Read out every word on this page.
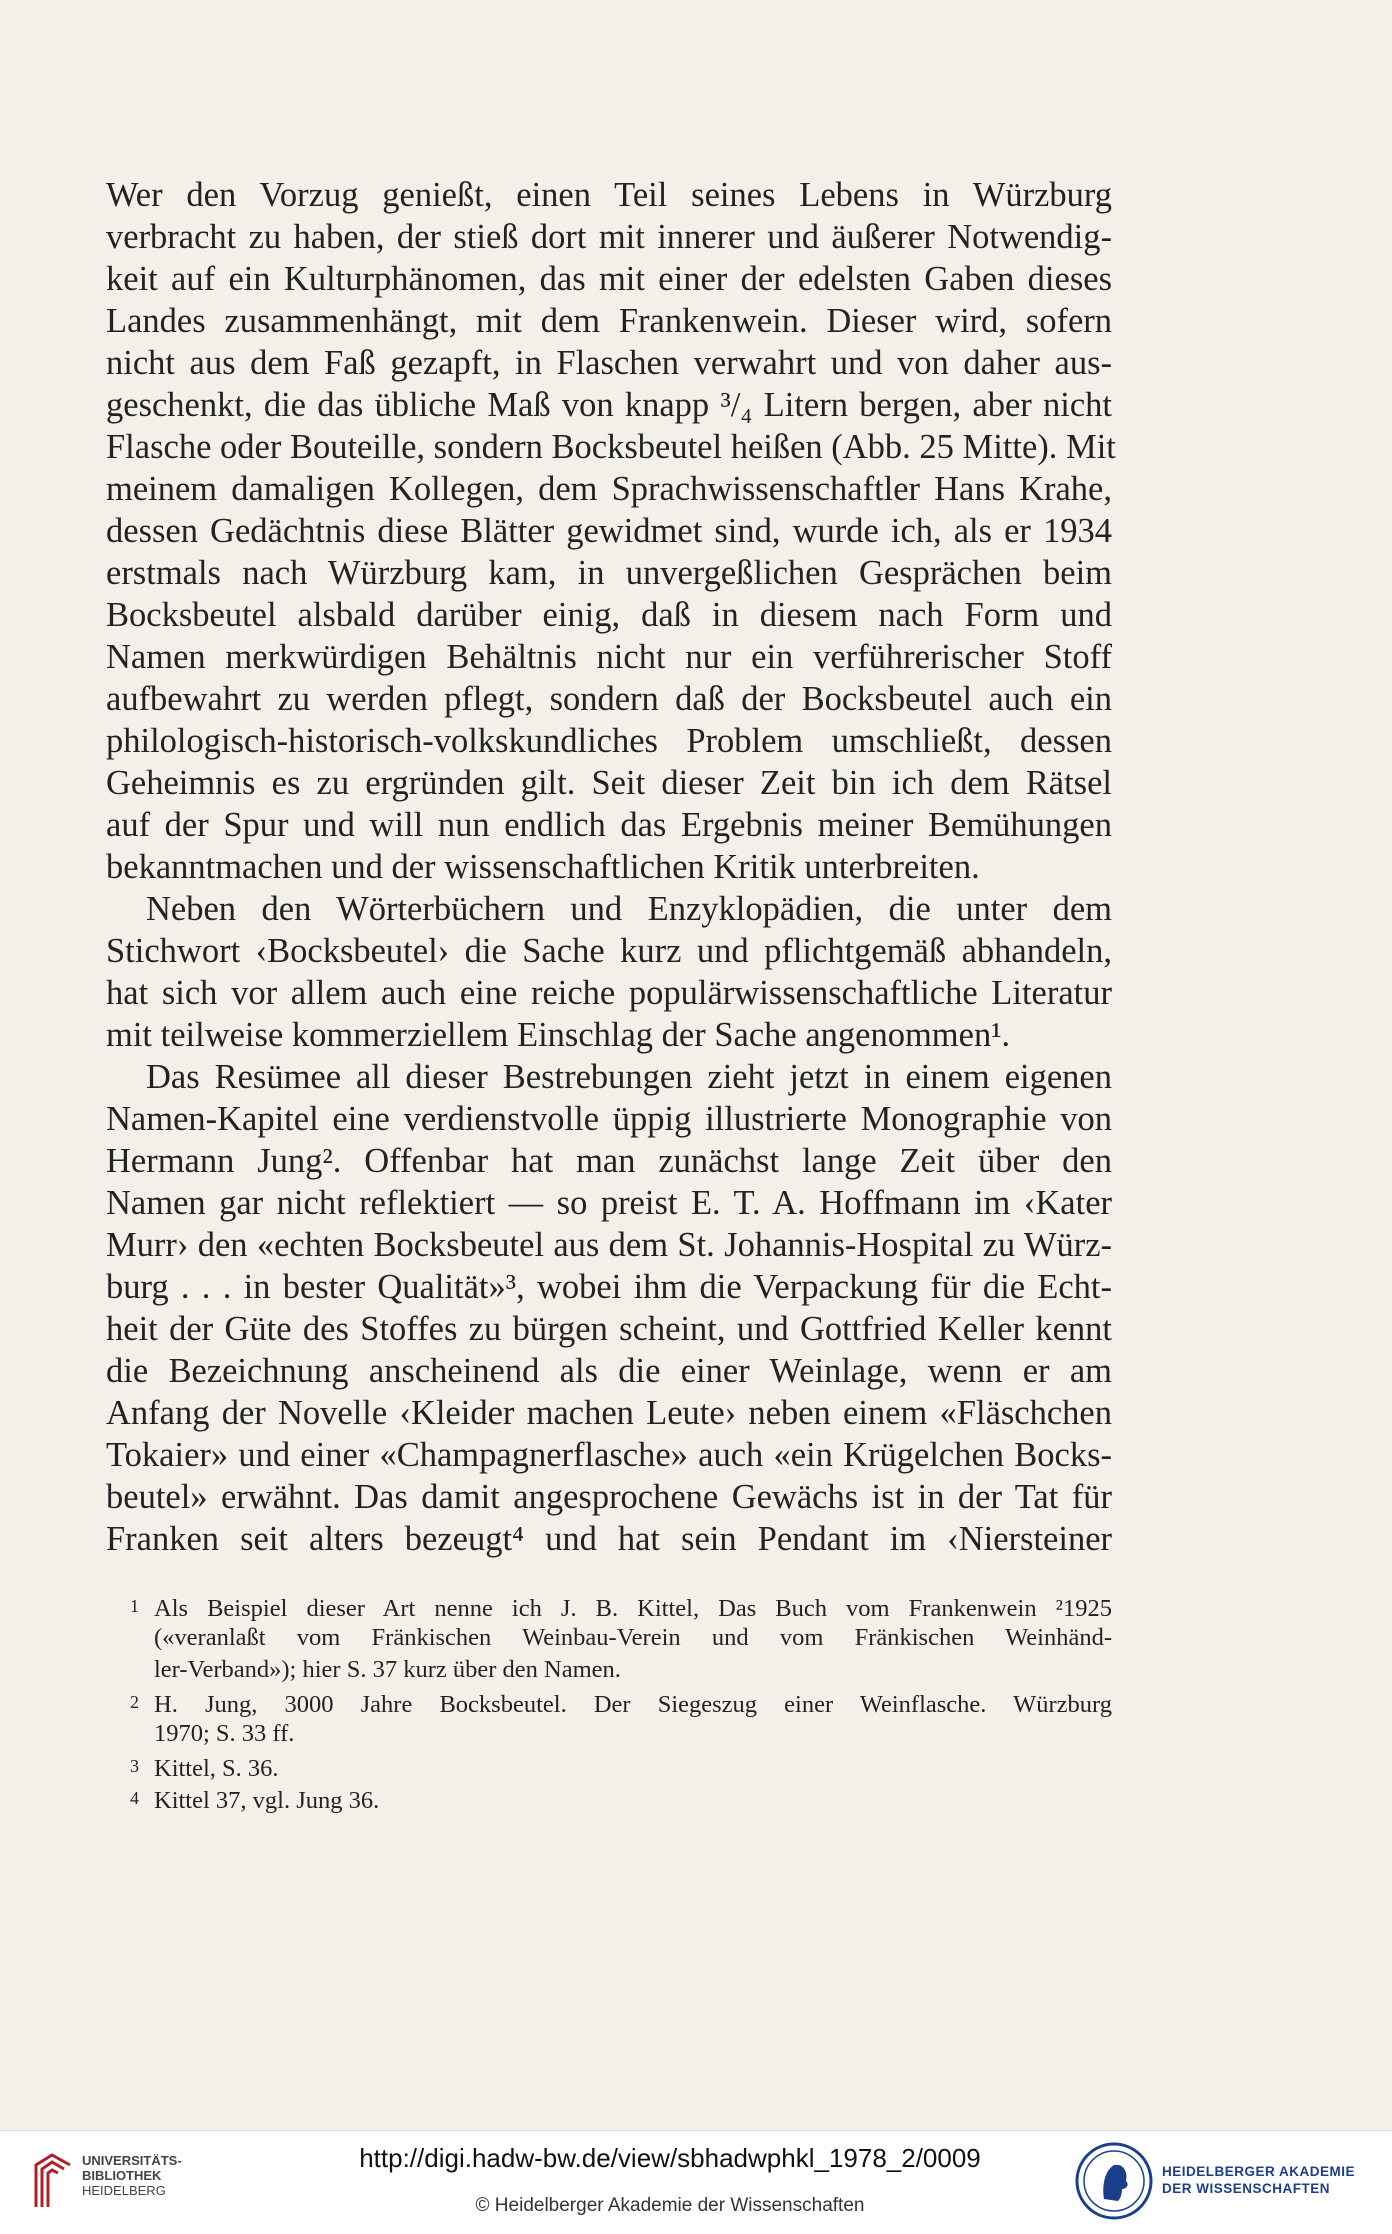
Wer den Vorzug genießt, einen Teil seines Lebens in Würzburg
verbracht zu haben, der stieß dort mit innerer und äußerer Notwendig-
keit auf ein Kulturphänomen, das mit einer der edelsten Gaben dieses
Landes zusammenhängt, mit dem Frankenwein. Dieser wird, sofern
nicht aus dem Faß gezapft, in Flaschen verwahrt und von daher aus-
geschenkt, die das übliche Maß von knapp ³/₄ Litern bergen, aber nicht
Flasche oder Bouteille, sondern Bocksbeutel heißen (Abb. 25 Mitte). Mit
meinem damaligen Kollegen, dem Sprachwissenschaftler Hans Krahe,
dessen Gedächtnis diese Blätter gewidmet sind, wurde ich, als er 1934
erstmals nach Würzburg kam, in unvergeßlichen Gesprächen beim
Bocksbeutel alsbald darüber einig, daß in diesem nach Form und
Namen merkwürdigen Behältnis nicht nur ein verführerischer Stoff
aufbewahrt zu werden pflegt, sondern daß der Bocksbeutel auch ein
philologisch-historisch-volkskundliches Problem umschließt, dessen
Geheimnis es zu ergründen gilt. Seit dieser Zeit bin ich dem Rätsel
auf der Spur und will nun endlich das Ergebnis meiner Bemühungen
bekanntmachen und der wissenschaftlichen Kritik unterbreiten.
Neben den Wörterbüchern und Enzyklopädien, die unter dem
Stichwort ‹Bocksbeutel› die Sache kurz und pflichtgemäß abhandeln,
hat sich vor allem auch eine reiche populärwissenschaftliche Literatur
mit teilweise kommerziellem Einschlag der Sache angenommen¹.
Das Resümee all dieser Bestrebungen zieht jetzt in einem eigenen
Namen-Kapitel eine verdienstvolle üppig illustrierte Monographie von
Hermann Jung². Offenbar hat man zunächst lange Zeit über den
Namen gar nicht reflektiert — so preist E. T. A. Hoffmann im ‹Kater
Murr› den «echten Bocksbeutel aus dem St. Johannis-Hospital zu Würz-
burg . . . in bester Qualität»³, wobei ihm die Verpackung für die Echt-
heit der Güte des Stoffes zu bürgen scheint, und Gottfried Keller kennt
die Bezeichnung anscheinend als die einer Weinlage, wenn er am
Anfang der Novelle ‹Kleider machen Leute› neben einem «Fläschchen
Tokaier» und einer «Champagnerflasche» auch «ein Krügelchen Bocks-
beutel» erwähnt. Das damit angesprochene Gewächs ist in der Tat für
Franken seit alters bezeugt⁴ und hat sein Pendant im ‹Niersteiner
1 Als Beispiel dieser Art nenne ich J. B. Kittel, Das Buch vom Frankenwein ²1925
(«veranlaßt vom Fränkischen Weinbau-Verein und vom Fränkischen Weinhänd-
ler-Verband»); hier S. 37 kurz über den Namen.
2 H. Jung, 3000 Jahre Bocksbeutel. Der Siegeszug einer Weinflasche. Würzburg
1970; S. 33 ff.
3 Kittel, S. 36.
4 Kittel 37, vgl. Jung 36.
UNIVERSITÄTS-
BIBLIOTHEK
HEIDELBERG
http://digi.hadw-bw.de/view/sbhadwphkl_1978_2/0009
© Heidelberger Akademie der Wissenschaften
HEIDELBERGER AKADEMIE
DER WISSENSCHAFTEN
